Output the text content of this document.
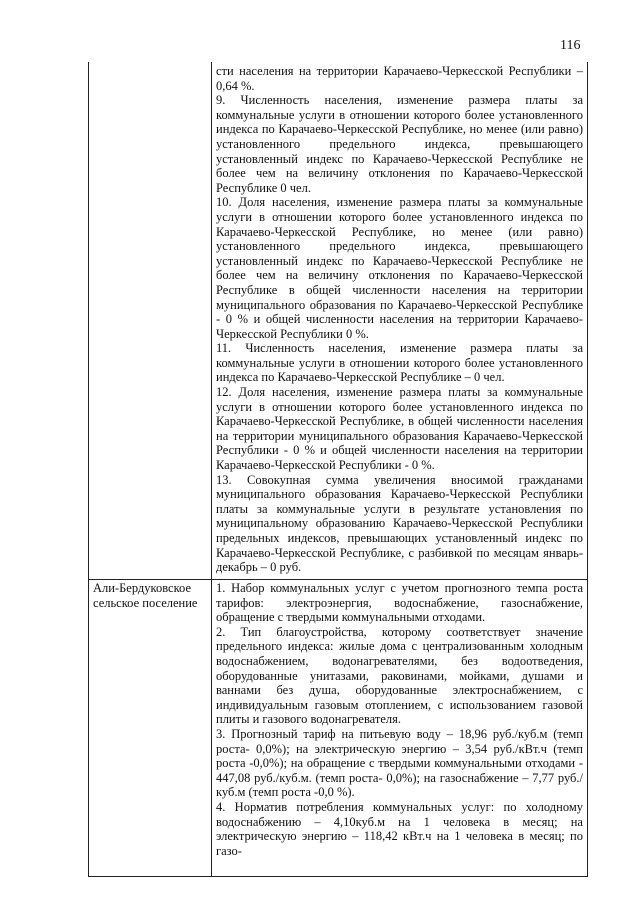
116

сти населения на территории Карачаево-Черкесской Республики – 0,64 %.

9. Численность населения, изменение размера платы за коммунальные услуги в отношении которого более установленного индекса по Карачаево-Черкесской Республике, но менее (или равно) установленного предельного индекса, превышающего установленный индекс по Карачаево-Черкесской Республике не более чем на величину отклонения по Карачаево-Черкесской Республике 0 чел.

10. Доля населения, изменение размера платы за коммунальные услуги в отношении которого более установленного индекса по Карачаево-Черкесской Республике, но менее (или равно) установленного предельного индекса, превышающего установленный индекс по Карачаево-Черкесской Республике не более чем на величину отклонения по Карачаево-Черкесской Республике в общей численности населения на территории муниципального образования по Карачаево-Черкесской Республике - 0 % и общей численности населения на территории Карачаево-Черкесской Республики 0 %.

11. Численность населения, изменение размера платы за коммунальные услуги в отношении которого более установленного индекса по Карачаево-Черкесской Республике – 0 чел.

12. Доля населения, изменение размера платы за коммунальные услуги в отношении которого более установленного индекса по Карачаево-Черкесской Республике, в общей численности населения на территории муниципального образования Карачаево-Черкесской Республики - 0 % и общей численности населения на территории Карачаево-Черкесской Республики - 0 %.

13. Совокупная сумма увеличения вносимой гражданами муниципального образования Карачаево-Черкесской Республики платы за коммунальные услуги в результате установления по муниципальному образованию Карачаево-Черкесской Республики предельных индексов, превышающих установленный индекс по Карачаево-Черкесской Республике, с разбивкой по месяцам январь-декабрь – 0 руб.

Али-Бердуковское сельское поселение

1. Набор коммунальных услуг с учетом прогнозного темпа роста тарифов: электроэнергия, водоснабжение, газоснабжение, обращение с твердыми коммунальными отходами.

2. Тип благоустройства, которому соответствует значение предельного индекса: жилые дома с централизованным холодным водоснабжением, водонагревателями, без водоотведения, оборудованные унитазами, раковинами, мойками, душами и ваннами без душа, оборудованные электроснабжением, с индивидуальным газовым отоплением, с использованием газовой плиты и газового водонагревателя.

3. Прогнозный тариф на питьевую воду – 18,96 руб./куб.м (темп роста- 0,0%); на электрическую энергию – 3,54 руб./кВт.ч (темп роста -0,0%); на обращение с твердыми коммунальными отходами - 447,08 руб./куб.м. (темп роста- 0,0%); на газоснабжение – 7,77 руб./куб.м (темп роста -0,0 %).

4. Норматив потребления коммунальных услуг: по холодному водоснабжению – 4,10куб.м на 1 человека в месяц; на электрическую энергию – 118,42 кВт.ч на 1 человека в месяц; по газо-
